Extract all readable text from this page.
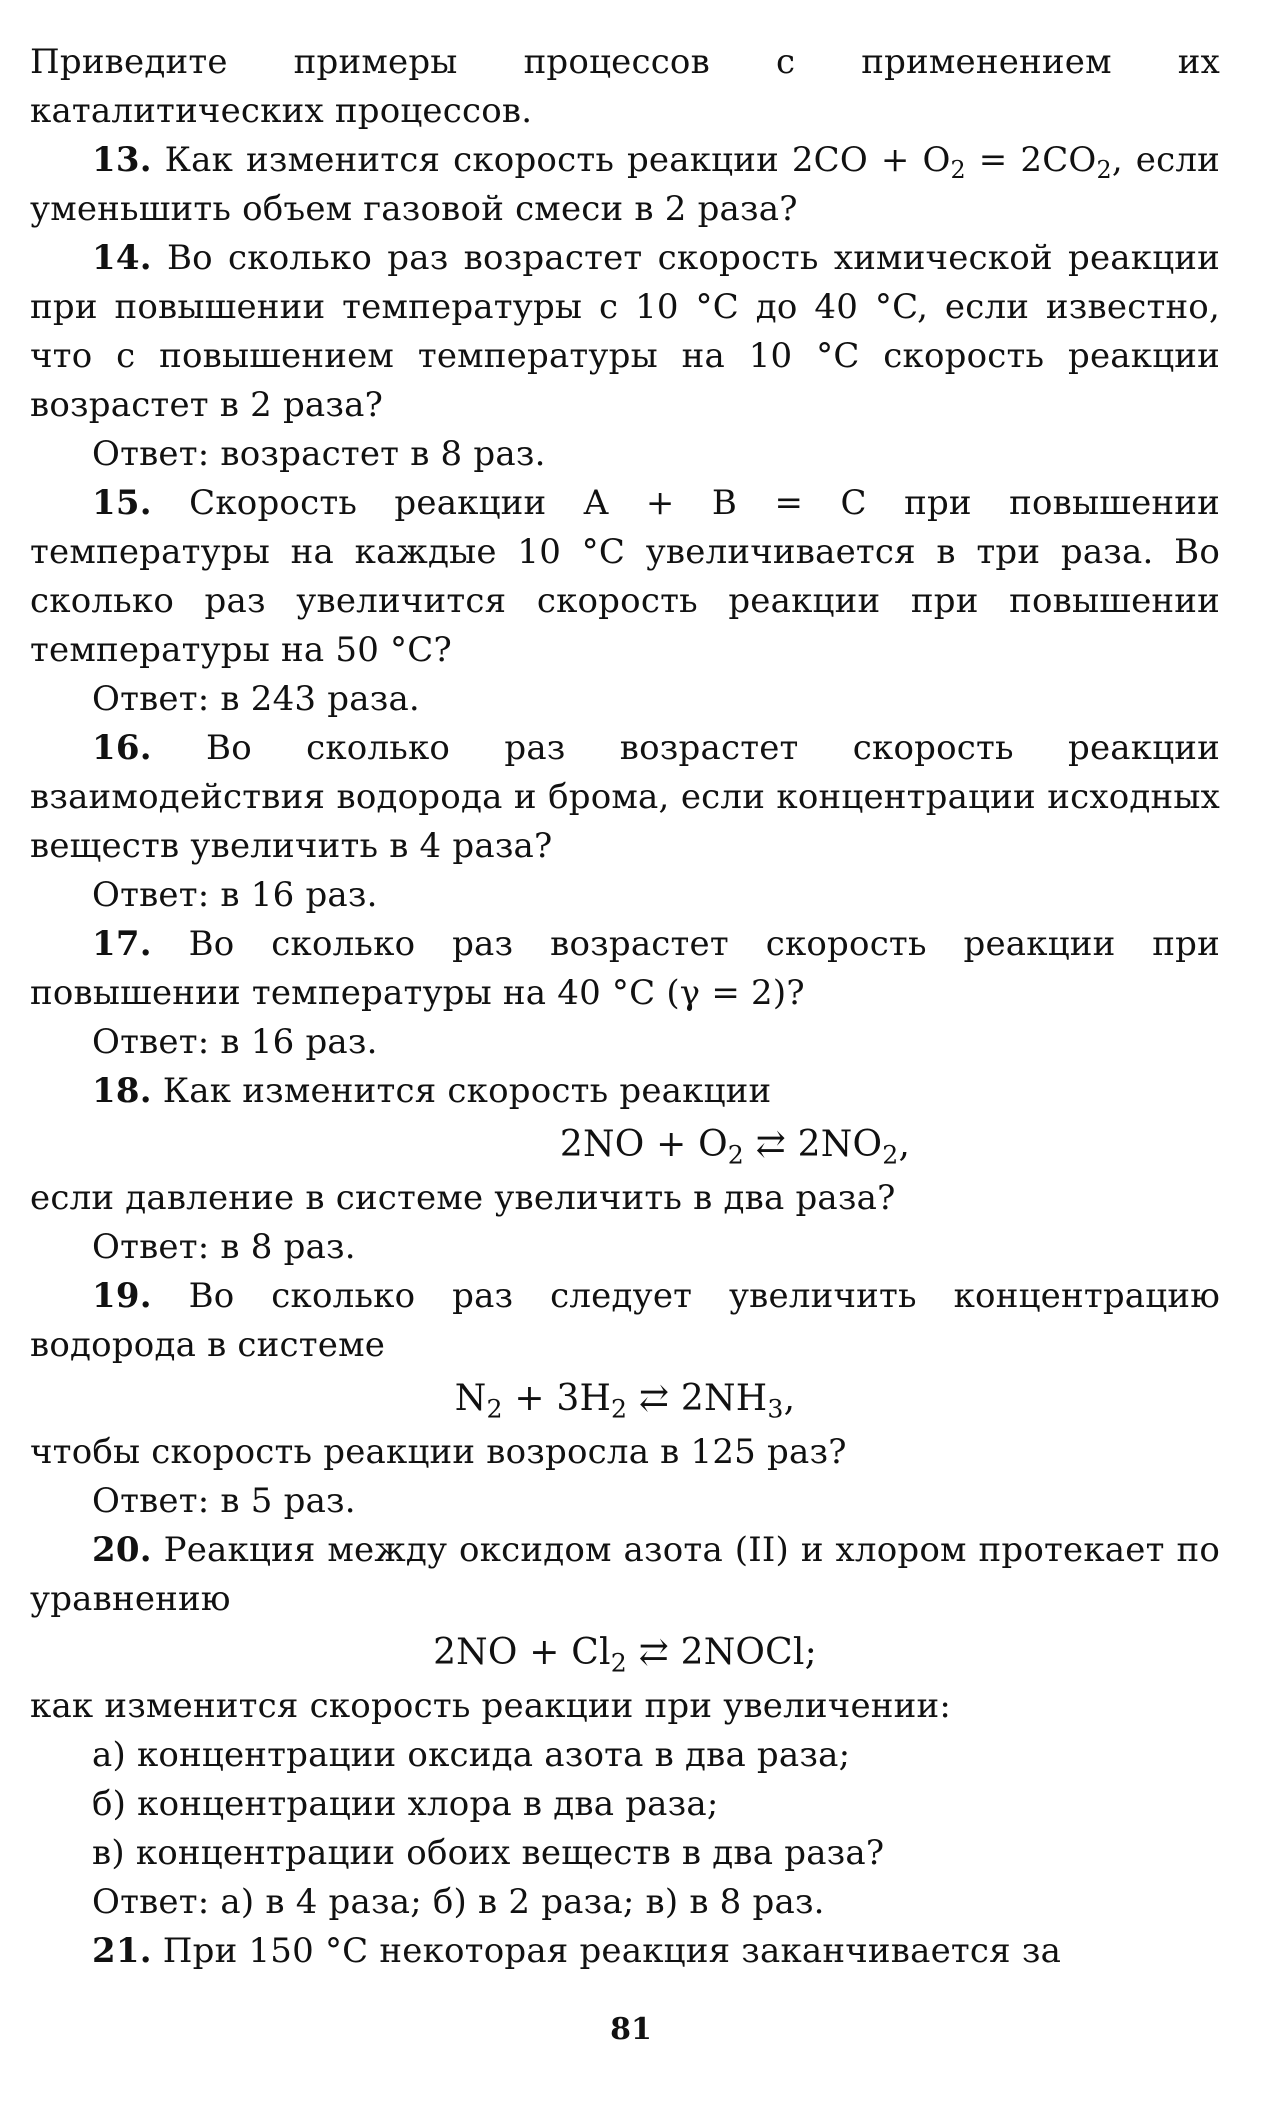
Приведите примеры процессов с применением их каталитических процессов.

13. Как изменится скорость реакции $2CO + O_2 = 2CO_2$, если уменьшить объем газовой смеси в 2 раза?

14. Во сколько раз возрастет скорость химической реакции при повышении температуры с 10 °C до 40 °C, если известно, что с повышением температуры на 10 °C скорость реакции возрастет в 2 раза?

Ответ: возрастет в 8 раз.

15. Скорость реакции A + B = C при повышении температуры на каждые 10 °C увеличивается в три раза. Во сколько раз увеличится скорость реакции при повышении температуры на 50 °C?

Ответ: в 243 раза.

16. Во сколько раз возрастет скорость реакции взаимодействия водорода и брома, если концентрации исходных веществ увеличить в 4 раза?

Ответ: в 16 раз.

17. Во сколько раз возрастет скорость реакции при повышении температуры на 40 °C (γ = 2)?

Ответ: в 16 раз.

18. Как изменится скорость реакции

$2NO + O_2$ ⇄ $2NO_2$,

если давление в системе увеличить в два раза?

Ответ: в 8 раз.

19. Во сколько раз следует увеличить концентрацию водорода в системе

$N_2 + 3H_2$ ⇄ $2NH_3$,

чтобы скорость реакции возросла в 125 раз?

Ответ: в 5 раз.

20. Реакция между оксидом азота (II) и хлором протекает по уравнению

$2NO + Cl_2$ ⇄ 2NOCl;

как изменится скорость реакции при увеличении:

а) концентрации оксида азота в два раза;

б) концентрации хлора в два раза;

в) концентрации обоих веществ в два раза?

Ответ: а) в 4 раза; б) в 2 раза; в) в 8 раз.

21. При 150 °C некоторая реакция заканчивается за

81
